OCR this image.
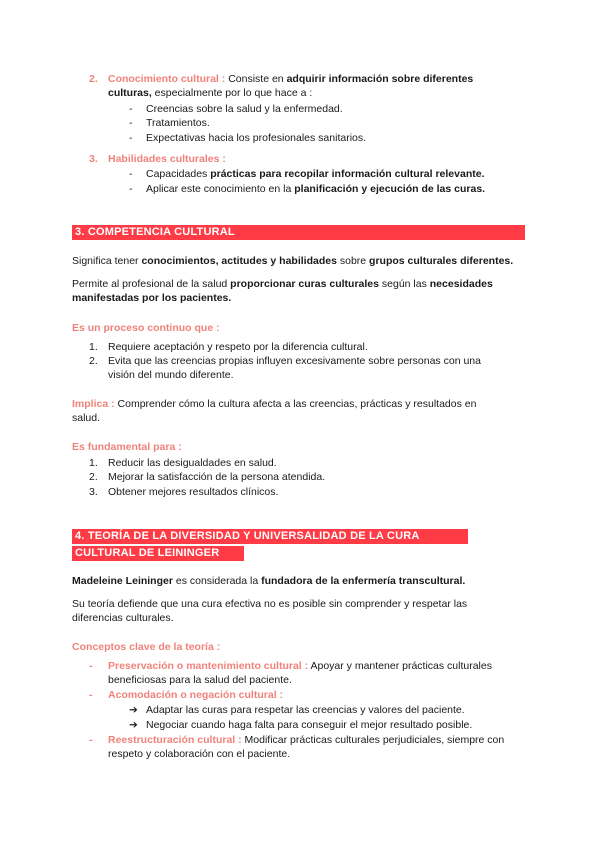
2. Conocimiento cultural : Consiste en adquirir información sobre diferentes
culturas, especialmente por lo que hace a :
- Creencias sobre la salud y la enfermedad.
- Tratamientos.
- Expectativas hacia los profesionales sanitarios.
3. Habilidades culturales :
- Capacidades prácticas para recopilar información cultural relevante.
- Aplicar este conocimiento en la planificación y ejecución de las curas.
3. COMPETENCIA CULTURAL
Significa tener conocimientos, actitudes y habilidades sobre grupos culturales diferentes.
Permite al profesional de la salud proporcionar curas culturales según las necesidades
manifestadas por los pacientes.
Es un proceso continuo que :
1. Requiere aceptación y respeto por la diferencia cultural.
2. Evita que las creencias propias influyen excesivamente sobre personas con una
visión del mundo diferente.
Implica : Comprender cómo la cultura afecta a las creencias, prácticas y resultados en
salud.
Es fundamental para :
1. Reducir las desigualdades en salud.
2. Mejorar la satisfacción de la persona atendida.
3. Obtener mejores resultados clínicos.
4. TEORÍA DE LA DIVERSIDAD Y UNIVERSALIDAD DE LA CURA
CULTURAL DE LEININGER
Madeleine Leininger es considerada la fundadora de la enfermería transcultural.
Su teoría defiende que una cura efectiva no es posible sin comprender y respetar las
diferencias culturales.
Conceptos clave de la teoría :
- Preservación o mantenimiento cultural : Apoyar y mantener prácticas culturales
beneficiosas para la salud del paciente.
- Acomodación o negación cultural :
➔ Adaptar las curas para respetar las creencias y valores del paciente.
➔ Negociar cuando haga falta para conseguir el mejor resultado posible.
- Reestructuración cultural : Modificar prácticas culturales perjudiciales, siempre con
respeto y colaboración con el paciente.
